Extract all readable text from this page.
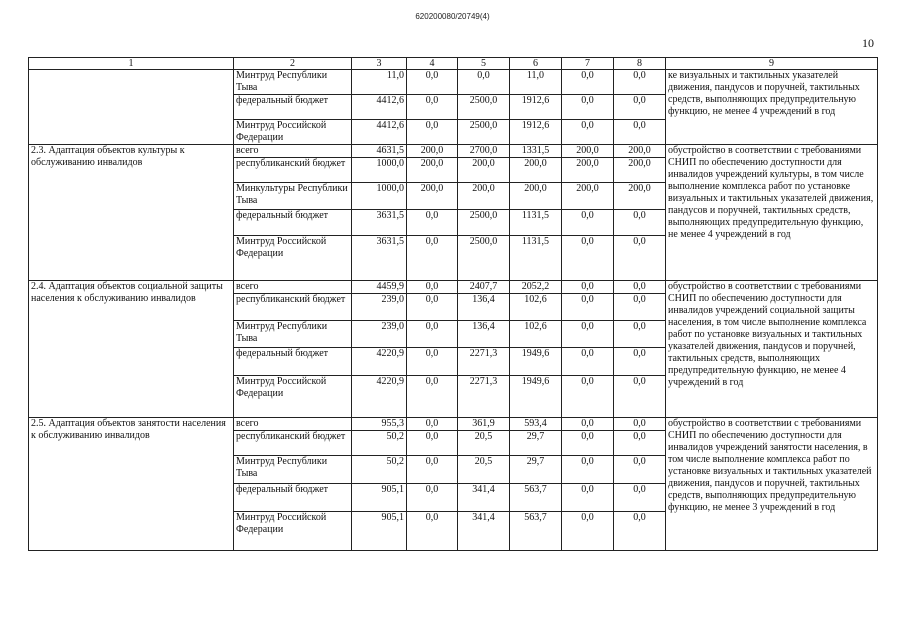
620200080/20749(4)
10
1	2	3	4	5	6	7	8	9
	Минтруд Республики Тыва	11,0	0,0	0,0	11,0	0,0	0,0	ке визуальных и тактильных указателей движения, пандусов и поручней, тактильных средств, выполняющих предупредительную функцию, не менее 4 учреждений в год
	федеральный бюджет	4412,6	0,0	2500,0	1912,6	0,0	0,0	
	Минтруд Российской Федерации	4412,6	0,0	2500,0	1912,6	0,0	0,0	
2.3. Адаптация объектов культуры к обслуживанию инвалидов	всего	4631,5	200,0	2700,0	1331,5	200,0	200,0	обустройство в соответствии с требованиями СНИП по обеспечению доступности для инвалидов учреждений культуры, в том числе выполнение комплекса работ по установке визуальных и тактильных указателей движения, пандусов и поручней, тактильных средств, выполняющих предупредительную функцию, не менее 4 учреждений в год
	республиканский бюджет	1000,0	200,0	200,0	200,0	200,0	200,0	
	Минкультуры Республики Тыва	1000,0	200,0	200,0	200,0	200,0	200,0	
	федеральный бюджет	3631,5	0,0	2500,0	1131,5	0,0	0,0	
	Минтруд Российской Федерации	3631,5	0,0	2500,0	1131,5	0,0	0,0	
2.4. Адаптация объектов социальной защиты населения к обслуживанию инвалидов	всего	4459,9	0,0	2407,7	2052,2	0,0	0,0	обустройство в соответствии с требованиями СНИП по обеспечению доступности для инвалидов учреждений социальной защиты населения, в том числе выполнение комплекса работ по установке визуальных и тактильных указателей движения, пандусов и поручней, тактильных средств, выполняющих предупредительную функцию, не менее 4 учреждений в год
	республиканский бюджет	239,0	0,0	136,4	102,6	0,0	0,0	
	Минтруд Республики Тыва	239,0	0,0	136,4	102,6	0,0	0,0	
	федеральный бюджет	4220,9	0,0	2271,3	1949,6	0,0	0,0	
	Минтруд Российской Федерации	4220,9	0,0	2271,3	1949,6	0,0	0,0	
2.5. Адаптация объектов занятости населения к обслуживанию инвалидов	всего	955,3	0,0	361,9	593,4	0,0	0,0	обустройство в соответствии с требованиями СНИП по обеспечению доступности для инвалидов учреждений занятости населения, в том числе выполнение комплекса работ по установке визуальных и тактильных указателей движения, пандусов и поручней, тактильных средств, выполняющих предупредительную функцию, не менее 3 учреждений в год
	республиканский бюджет	50,2	0,0	20,5	29,7	0,0	0,0	
	Минтруд Республики Тыва	50,2	0,0	20,5	29,7	0,0	0,0	
	федеральный бюджет	905,1	0,0	341,4	563,7	0,0	0,0	
	Минтруд Российской Федерации	905,1	0,0	341,4	563,7	0,0	0,0	
